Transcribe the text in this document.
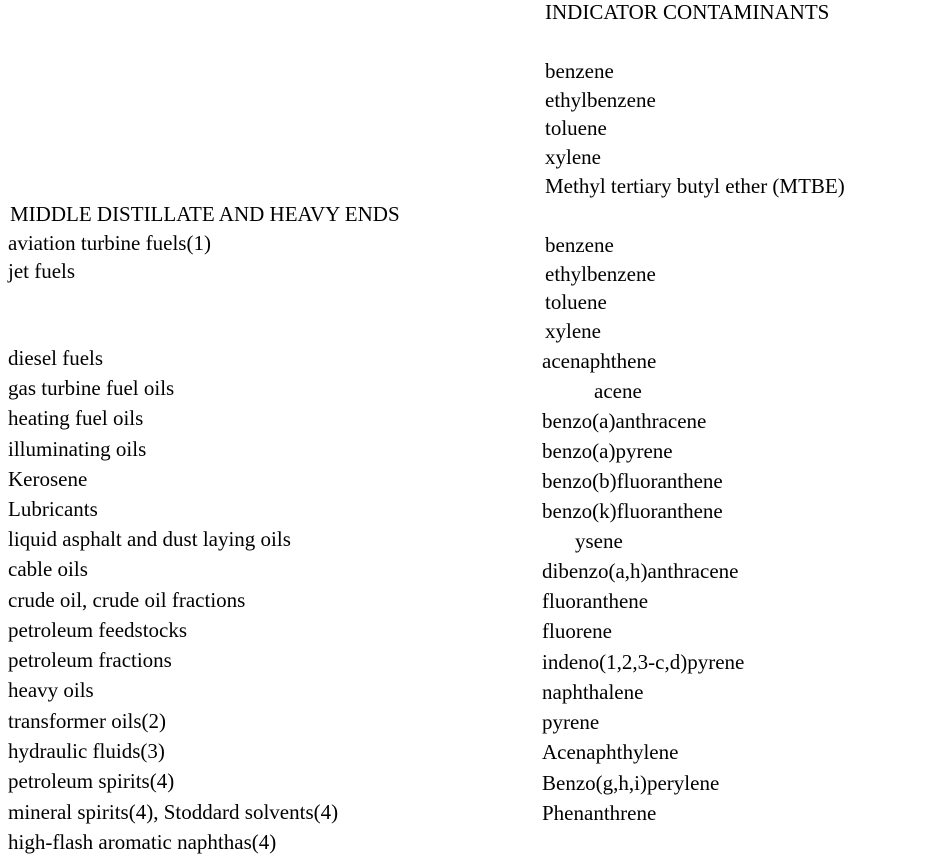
INDICATOR CONTAMINANTS
benzene
ethylbenzene
toluene
xylene
Methyl tertiary butyl ether (MTBE)
benzene
ethylbenzene
toluene
xylene
acenaphthene
acene
benzo(a)anthracene
benzo(a)pyrene
benzo(b)fluoranthene
benzo(k)fluoranthene
ysene
dibenzo(a,h)anthracene
fluoranthene
fluorene
indeno(1,2,3-c,d)pyrene
naphthalene
pyrene
Acenaphthylene
Benzo(g,h,i)perylene
Phenanthrene
MIDDLE DISTILLATE AND HEAVY ENDS
aviation turbine fuels(1)
jet fuels
diesel fuels
gas turbine fuel oils
heating fuel oils
illuminating oils
Kerosene
Lubricants
liquid asphalt and dust laying oils
cable oils
crude oil, crude oil fractions
petroleum feedstocks
petroleum fractions
heavy oils
transformer oils(2)
hydraulic fluids(3)
petroleum spirits(4)
mineral spirits(4), Stoddard solvents(4)
high-flash aromatic naphthas(4)
